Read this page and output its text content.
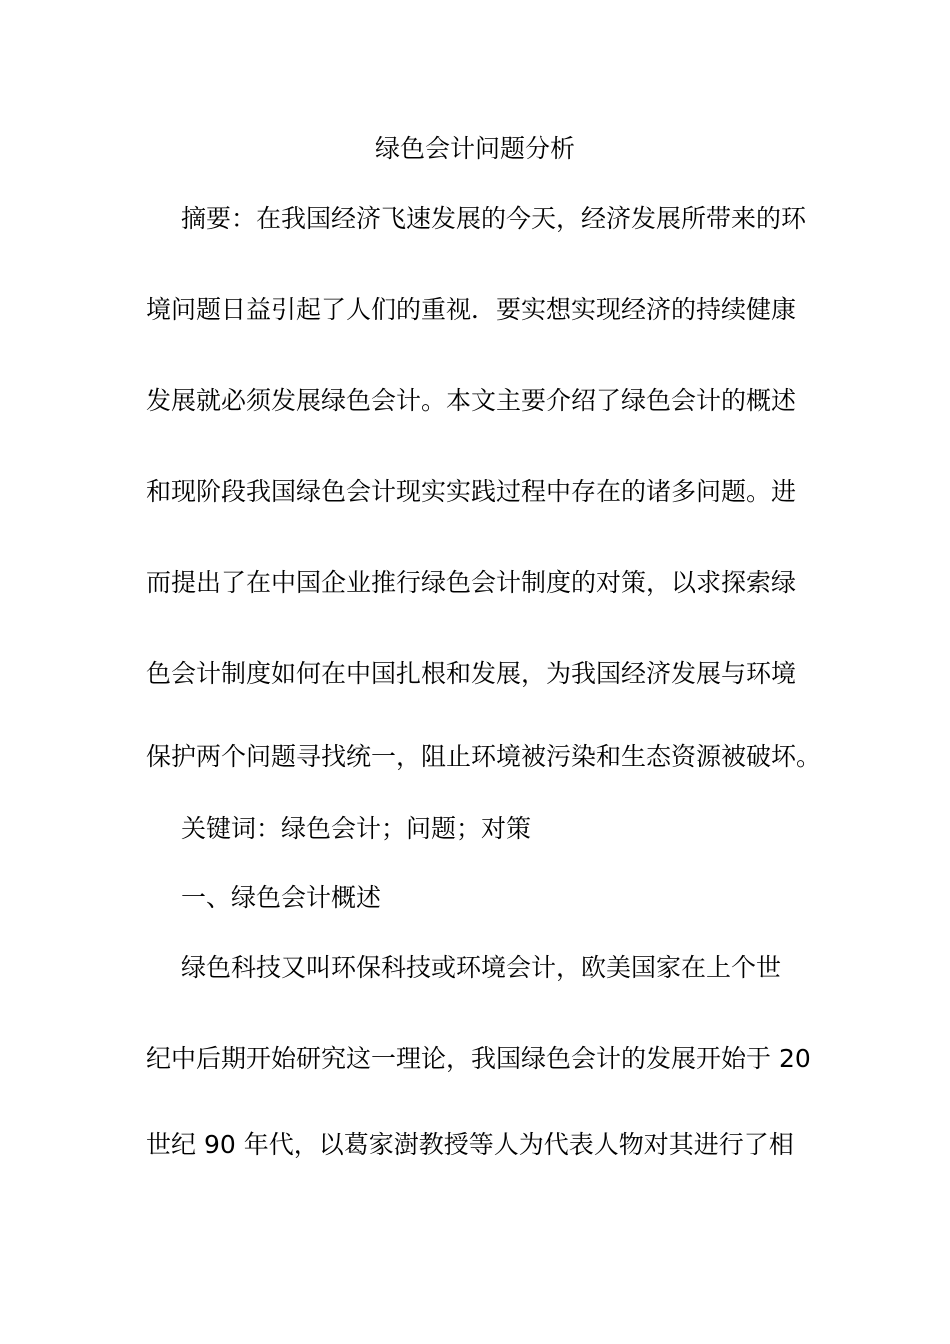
绿色会计问题分析
摘要：在我国经济飞速发展的今天，经济发展所带来的环
境问题日益引起了人们的重视．要实想实现经济的持续健康
发展就必须发展绿色会计。本文主要介绍了绿色会计的概述
和现阶段我国绿色会计现实实践过程中存在的诸多问题。进
而提出了在中国企业推行绿色会计制度的对策，以求探索绿
色会计制度如何在中国扎根和发展，为我国经济发展与环境
保护两个问题寻找统一，阻止环境被污染和生态资源被破坏。
关键词：绿色会计；问题；对策
一、绿色会计概述
绿色科技又叫环保科技或环境会计，欧美国家在上个世
纪中后期开始研究这一理论，我国绿色会计的发展开始于 20
世纪 90 年代，以葛家澍教授等人为代表人物对其进行了相
